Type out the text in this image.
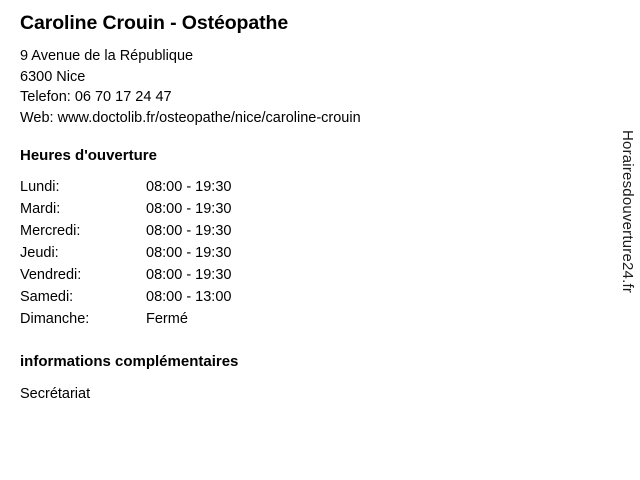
Caroline Crouin - Ostéopathe
9 Avenue de la République
6300 Nice
Telefon: 06 70 17 24 47
Web: www.doctolib.fr/osteopathe/nice/caroline-crouin
Heures d'ouverture
Lundi:	08:00 - 19:30
Mardi:	08:00 - 19:30
Mercredi:	08:00 - 19:30
Jeudi:	08:00 - 19:30
Vendredi:	08:00 - 19:30
Samedi:	08:00 - 13:00
Dimanche:	Fermé
informations complémentaires
Secrétariat
Horairesdouverture24.fr
